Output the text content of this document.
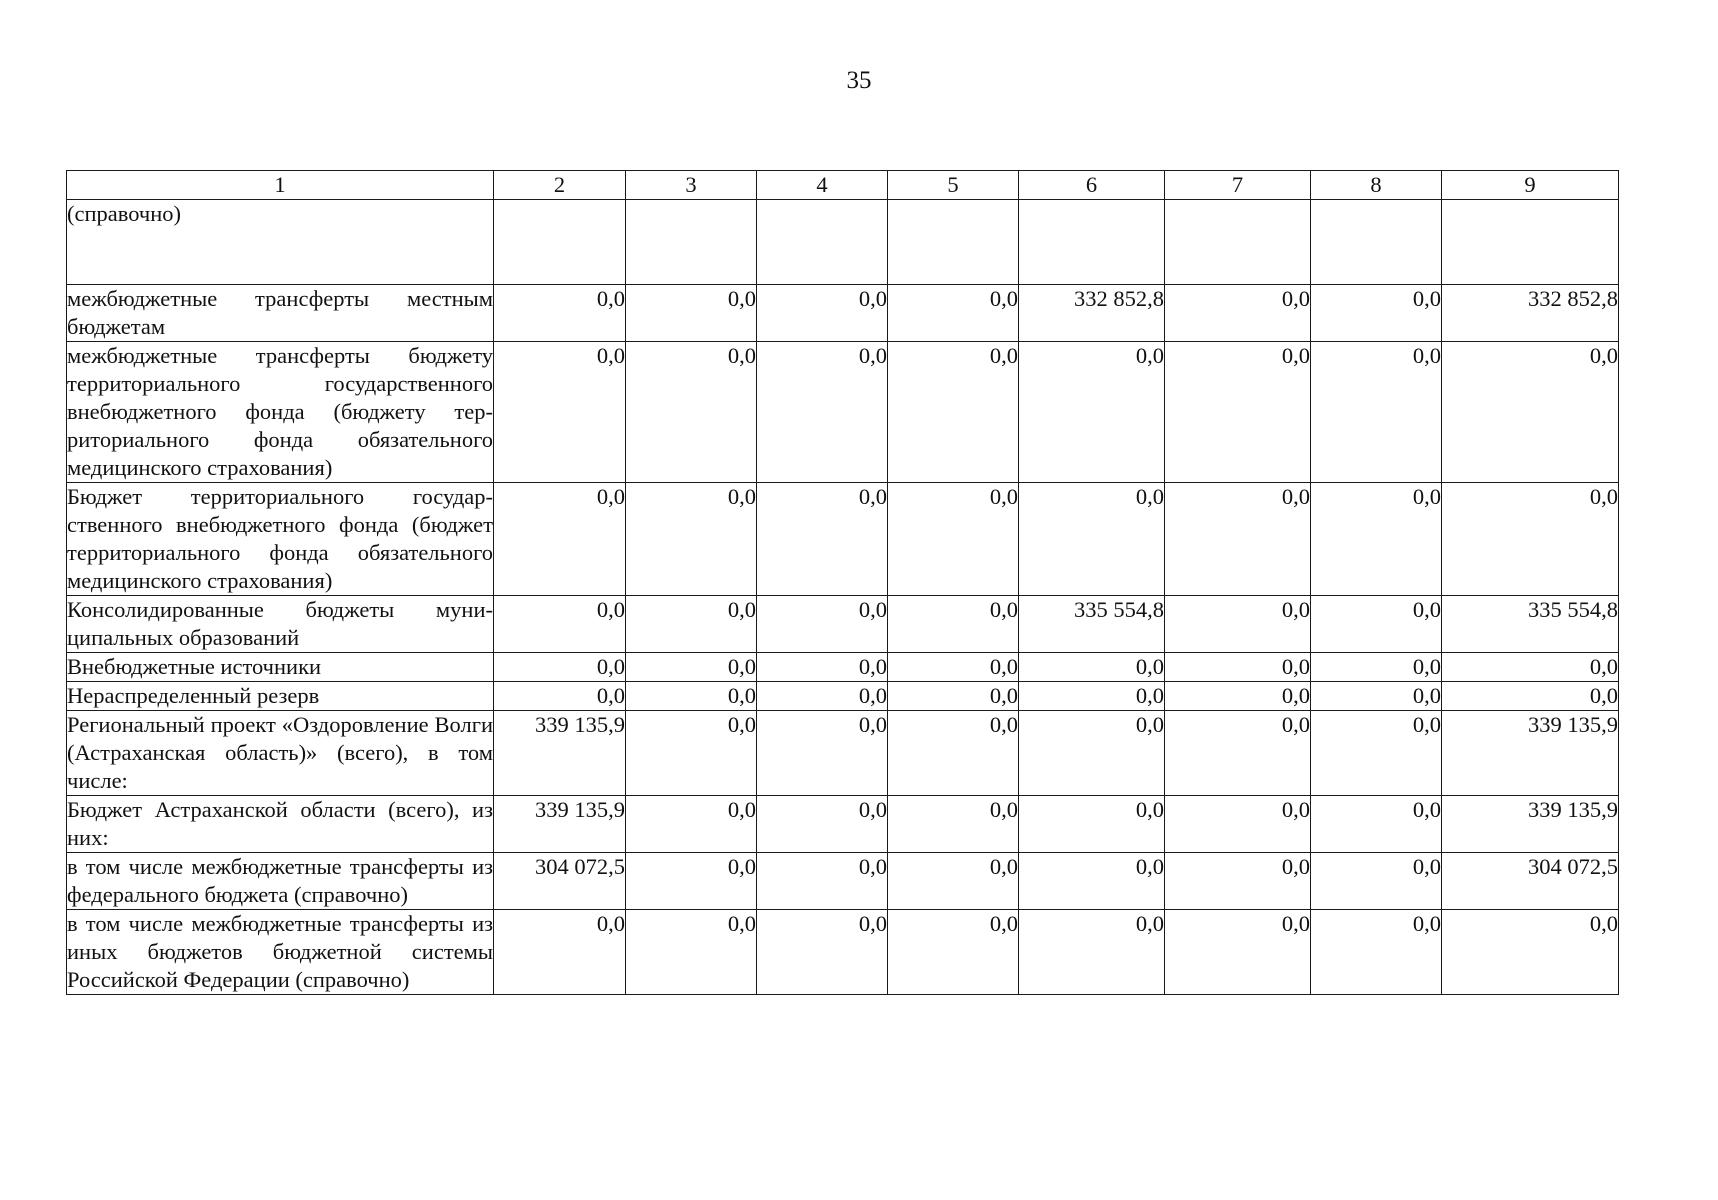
35
1	2	3	4	5	6	7	8	9
(справочно)								
межбюджетные трансферты местным бюджетам	0,0	0,0	0,0	0,0	332 852,8	0,0	0,0	332 852,8
межбюджетные трансферты бюджету территориального государственного внебюджетного фонда (бюджету территориального фонда обязательного медицинского страхования)	0,0	0,0	0,0	0,0	0,0	0,0	0,0	0,0
Бюджет территориального государственного внебюджетного фонда (бюджет территориального фонда обязательного медицинского страхования)	0,0	0,0	0,0	0,0	0,0	0,0	0,0	0,0
Консолидированные бюджеты муниципальных образований	0,0	0,0	0,0	0,0	335 554,8	0,0	0,0	335 554,8
Внебюджетные источники	0,0	0,0	0,0	0,0	0,0	0,0	0,0	0,0
Нераспределенный резерв	0,0	0,0	0,0	0,0	0,0	0,0	0,0	0,0
Региональный проект «Оздоровление Волги (Астраханская область)» (всего), в том числе:	339 135,9	0,0	0,0	0,0	0,0	0,0	0,0	339 135,9
Бюджет Астраханской области (всего), из них:	339 135,9	0,0	0,0	0,0	0,0	0,0	0,0	339 135,9
в том числе межбюджетные трансферты из федерального бюджета (справочно)	304 072,5	0,0	0,0	0,0	0,0	0,0	0,0	304 072,5
в том числе межбюджетные трансферты из иных бюджетов бюджетной системы Российской Федерации (справочно)	0,0	0,0	0,0	0,0	0,0	0,0	0,0	0,0
